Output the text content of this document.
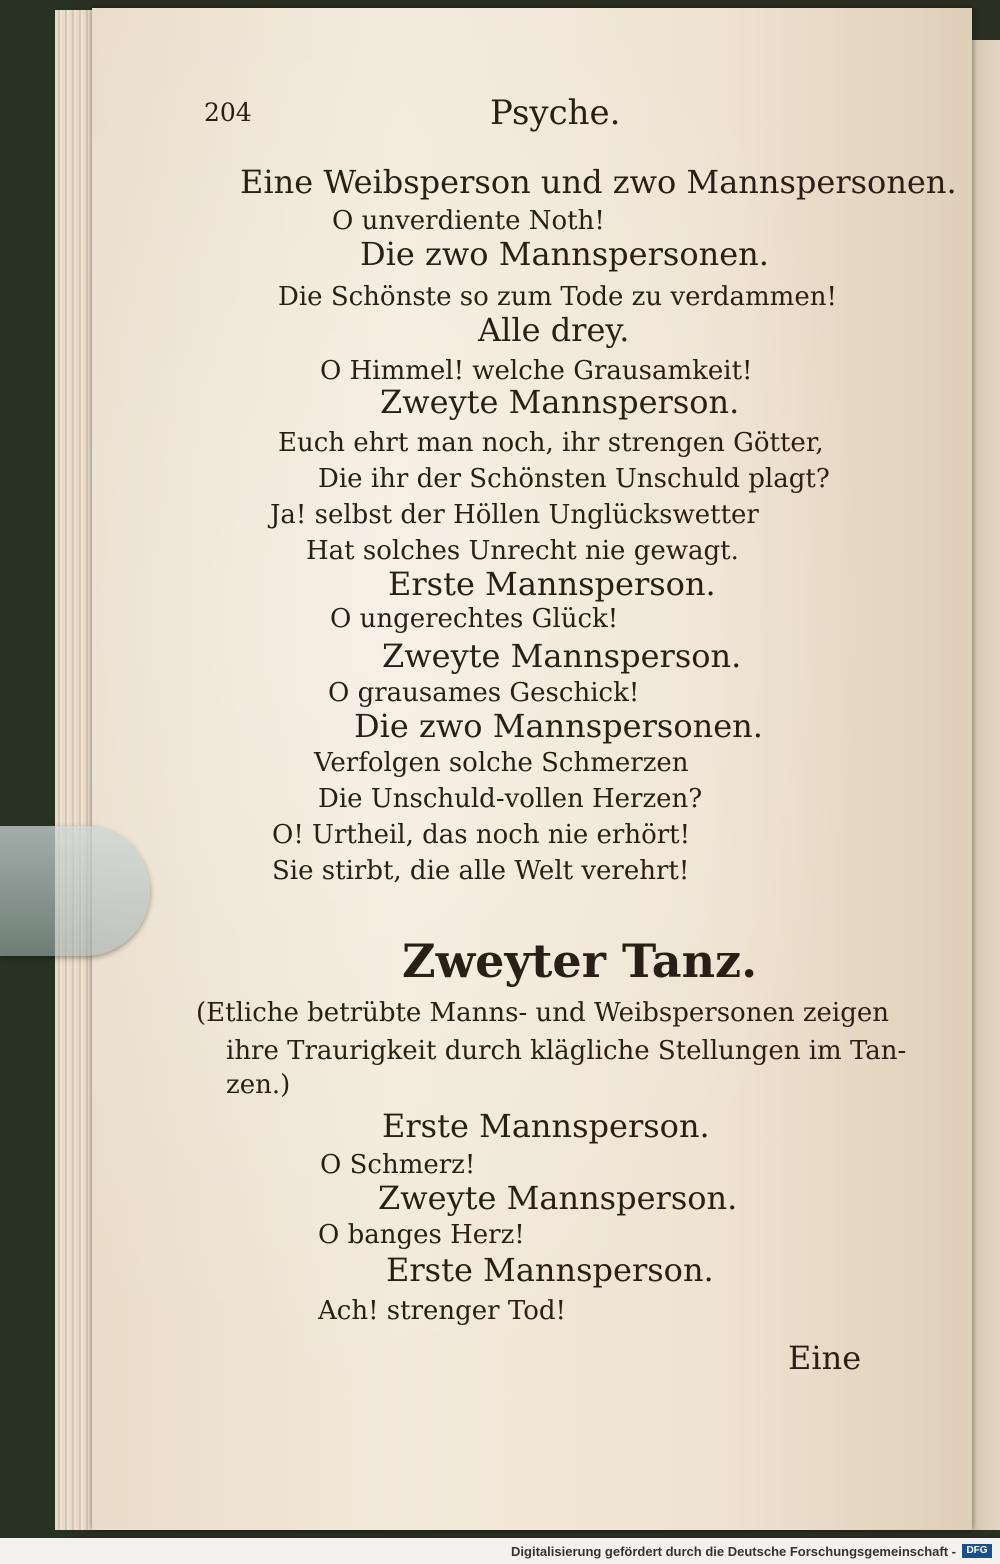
204	Psyche.
Eine Weibsperson und zwo Mannspersonen.
O unverdiente Noth!
Die zwo Mannspersonen.
Die Schönste so zum Tode zu verdammen!
Alle drey.
O Himmel! welche Grausamkeit!
Zweyte Mannsperson.
Euch ehrt man noch, ihr strengen Götter,
Die ihr der Schönsten Unschuld plagt?
Ja! selbst der Höllen Unglückswetter
Hat solches Unrecht nie gewagt.
Erste Mannsperson.
O ungerechtes Glück!
Zweyte Mannsperson.
O grausames Geschick!
Die zwo Mannspersonen.
Verfolgen solche Schmerzen
Die Unschuld-vollen Herzen?
O! Urtheil, das noch nie erhört!
Sie stirbt, die alle Welt verehrt!
Zweyter Tanz.
(Etliche betrübte Manns- und Weibspersonen zeigen
ihre Traurigkeit durch klägliche Stellungen im Tan-
zen.)
Erste Mannsperson.
O Schmerz!
Zweyte Mannsperson.
O banges Herz!
Erste Mannsperson.
Ach! strenger Tod!
Eine
Digitalisierung gefördert durch die Deutsche Forschungsgemeinschaft -	DFG
